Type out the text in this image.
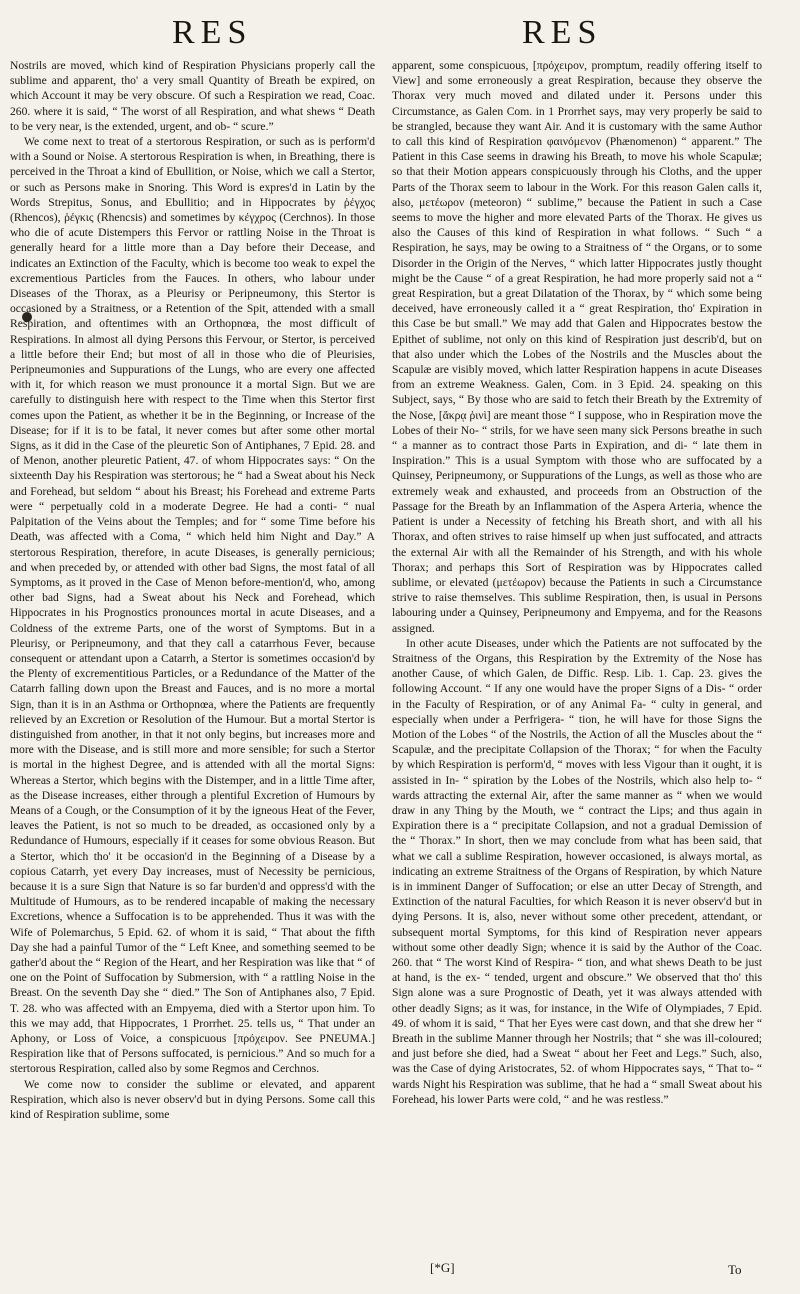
RES	RES

Nostrils are moved, which kind of Respiration Physicians properly call the sublime and apparent, tho' a very small Quantity of Breath be expired, on which Account it may be very obscure. Of such a Respiration we read, Coac. 260. where it is said, “ The worst of all Respiration, and what shews “ Death to be very near, is the extended, urgent, and ob- “ scure.”

We come next to treat of a stertorous Respiration, or such as is perform'd with a Sound or Noise. A stertorous Respiration is when, in Breathing, there is perceived in the Throat a kind of Ebullition, or Noise, which we call a Stertor, or such as Persons make in Snoring. This Word is expres'd in Latin by the Words Strepitus, Sonus, and Ebullitio; and in Hippocrates by ῥέγχος (Rhencos), ῥέγκις (Rhencsis) and sometimes by κέγχρος (Cerchnos). In those who die of acute Distempers this Fervor or rattling Noise in the Throat is generally heard for a little more than a Day before their Decease, and indicates an Extinction of the Faculty, which is become too weak to expel the excrementious Particles from the Fauces. In others, who labour under Diseases of the Thorax, as a Pleurisy or Peripneumony, this Stertor is occasioned by a Straitness, or a Retention of the Spit, attended with a small Respiration, and oftentimes with an Orthopnœa, the most difficult of Respirations. In almost all dying Persons this Fervour, or Stertor, is perceived a little before their End; but most of all in those who die of Pleurisies, Peripneumonies and Suppurations of the Lungs, who are every one affected with it, for which reason we must pronounce it a mortal Sign. But we are carefully to distinguish here with respect to the Time when this Stertor first comes upon the Patient, as whether it be in the Beginning, or Increase of the Disease; for if it is to be fatal, it never comes but after some other mortal Signs, as it did in the Case of the pleuretic Son of Antiphanes, 7 Epid. 28. and of Menon, another pleuretic Patient, 47. of whom Hippocrates says: “ On the sixteenth Day his Respiration was stertorous; he “ had a Sweat about his Neck and Forehead, but seldom “ about his Breast; his Forehead and extreme Parts were “ perpetually cold in a moderate Degree. He had a conti- “ nual Palpitation of the Veins about the Temples; and for “ some Time before his Death, was affected with a Coma, “ which held him Night and Day.” A stertorous Respiration, therefore, in acute Diseases, is generally pernicious; and when preceded by, or attended with other bad Signs, the most fatal of all Symptoms, as it proved in the Case of Menon before-mention'd, who, among other bad Signs, had a Sweat about his Neck and Forehead, which Hippocrates in his Prognostics pronounces mortal in acute Diseases, and a Coldness of the extreme Parts, one of the worst of Symptoms. But in a Pleurisy, or Peripneumony, and that they call a catarrhous Fever, because consequent or attendant upon a Catarrh, a Stertor is sometimes occasion'd by the Plenty of excrementitious Particles, or a Redundance of the Matter of the Catarrh falling down upon the Breast and Fauces, and is no more a mortal Sign, than it is in an Asthma or Orthopnœa, where the Patients are frequently relieved by an Excretion or Resolution of the Humour. But a mortal Stertor is distinguished from another, in that it not only begins, but increases more and more with the Disease, and is still more and more sensible; for such a Stertor is mortal in the highest Degree, and is attended with all the mortal Signs: Whereas a Stertor, which begins with the Distemper, and in a little Time after, as the Disease increases, either through a plentiful Excretion of Humours by Means of a Cough, or the Consumption of it by the igneous Heat of the Fever, leaves the Patient, is not so much to be dreaded, as occasioned only by a Redundance of Humours, especially if it ceases for some obvious Reason. But a Stertor, which tho' it be occasion'd in the Beginning of a Disease by a copious Catarrh, yet every Day increases, must of Necessity be pernicious, because it is a sure Sign that Nature is so far burden'd and oppress'd with the Multitude of Humours, as to be rendered incapable of making the necessary Excretions, whence a Suffocation is to be apprehended. Thus it was with the Wife of Polemarchus, 5 Epid. 62. of whom it is said, “ That about the fifth Day she had a painful Tumor of the “ Left Knee, and something seemed to be gather'd about the “ Region of the Heart, and her Respiration was like that “ of one on the Point of Suffocation by Submersion, with “ a rattling Noise in the Breast. On the seventh Day she “ died.” The Son of Antiphanes also, 7 Epid. T. 28. who was affected with an Empyema, died with a Stertor upon him. To this we may add, that Hippocrates, 1 Prorrhet. 25. tells us, “ That under an Aphony, or Loss of Voice, a conspicuous [πρόχειρον. See PNEUMA.] Respiration like that of Persons suffocated, is pernicious.” And so much for a stertorous Respiration, called also by some Regmos and Cerchnos.

We come now to consider the sublime or elevated, and apparent Respiration, which also is never observ'd but in dying Persons. Some call this kind of Respiration sublime, some

apparent, some conspicuous, [πρόχειρον, promptum, readily offering itself to View] and some erroneously a great Respiration, because they observe the Thorax very much moved and dilated under it. Persons under this Circumstance, as Galen Com. in 1 Prorrhet says, may very properly be said to be strangled, because they want Air. And it is customary with the same Author to call this kind of Respiration φαινόμενον (Phænomenon) “ apparent.” The Patient in this Case seems in drawing his Breath, to move his whole Scapulæ; so that their Motion appears conspicuously through his Cloths, and the upper Parts of the Thorax seem to labour in the Work. For this reason Galen calls it, also, μετέωρον (meteoron) “ sublime,” because the Patient in such a Case seems to move the higher and more elevated Parts of the Thorax. He gives us also the Causes of this kind of Respiration in what follows. “ Such “ a Respiration, he says, may be owing to a Straitness of “ the Organs, or to some Disorder in the Origin of the Nerves, “ which latter Hippocrates justly thought might be the Cause “ of a great Respiration, he had more properly said not a “ great Respiration, but a great Dilatation of the Thorax, by “ which some being deceived, have erroneously called it a “ great Respiration, tho' Expiration in this Case be but small.” We may add that Galen and Hippocrates bestow the Epithet of sublime, not only on this kind of Respiration just describ'd, but on that also under which the Lobes of the Nostrils and the Muscles about the Scapulæ are visibly moved, which latter Respiration happens in acute Diseases from an extreme Weakness. Galen, Com. in 3 Epid. 24. speaking on this Subject, says, “ By those who are said to fetch their Breath by the Extremity of the Nose, [ἄκρᾳ ῥινὶ] are meant those “ I suppose, who in Respiration move the Lobes of their No- “ strils, for we have seen many sick Persons breathe in such “ a manner as to contract those Parts in Expiration, and di- “ late them in Inspiration.” This is a usual Symptom with those who are suffocated by a Quinsey, Peripneumony, or Suppurations of the Lungs, as well as those who are extremely weak and exhausted, and proceeds from an Obstruction of the Passage for the Breath by an Inflammation of the Aspera Arteria, whence the Patient is under a Necessity of fetching his Breath short, and with all his Thorax, and often strives to raise himself up when just suffocated, and attracts the external Air with all the Remainder of his Strength, and with his whole Thorax; and perhaps this Sort of Respiration was by Hippocrates called sublime, or elevated (μετέωρον) because the Patients in such a Circumstance strive to raise themselves. This sublime Respiration, then, is usual in Persons labouring under a Quinsey, Peripneumony and Empyema, and for the Reasons assigned.

In other acute Diseases, under which the Patients are not suffocated by the Straitness of the Organs, this Respiration by the Extremity of the Nose has another Cause, of which Galen, de Diffic. Resp. Lib. 1. Cap. 23. gives the following Account. “ If any one would have the proper Signs of a Dis- “ order in the Faculty of Respiration, or of any Animal Fa- “ culty in general, and especially when under a Perfrigera- “ tion, he will have for those Signs the Motion of the Lobes “ of the Nostrils, the Action of all the Muscles about the “ Scapulæ, and the precipitate Collapsion of the Thorax; “ for when the Faculty by which Respiration is perform'd, “ moves with less Vigour than it ought, it is assisted in In- “ spiration by the Lobes of the Nostrils, which also help to- “ wards attracting the external Air, after the same manner as “ when we would draw in any Thing by the Mouth, we “ contract the Lips; and thus again in Expiration there is a “ precipitate Collapsion, and not a gradual Demission of the “ Thorax.” In short, then we may conclude from what has been said, that what we call a sublime Respiration, however occasioned, is always mortal, as indicating an extreme Straitness of the Organs of Respiration, by which Nature is in imminent Danger of Suffocation; or else an utter Decay of Strength, and Extinction of the natural Faculties, for which Reason it is never observ'd but in dying Persons. It is, also, never without some other precedent, attendant, or subsequent mortal Symptoms, for this kind of Respiration never appears without some other deadly Sign; whence it is said by the Author of the Coac. 260. that “ The worst Kind of Respira- “ tion, and what shews Death to be just at hand, is the ex- “ tended, urgent and obscure.” We observed that tho' this Sign alone was a sure Prognostic of Death, yet it was always attended with other deadly Signs; as it was, for instance, in the Wife of Olympiades, 7 Epid. 49. of whom it is said, “ That her Eyes were cast down, and that she drew her “ Breath in the sublime Manner through her Nostrils; that “ she was ill-coloured; and just before she died, had a Sweat “ about her Feet and Legs.” Such, also, was the Case of dying Aristocrates, 52. of whom Hippocrates says, “ That to- “ wards Night his Respiration was sublime, that he had a “ small Sweat about his Forehead, his lower Parts were cold, “ and he was restless.”

[*G]	To
